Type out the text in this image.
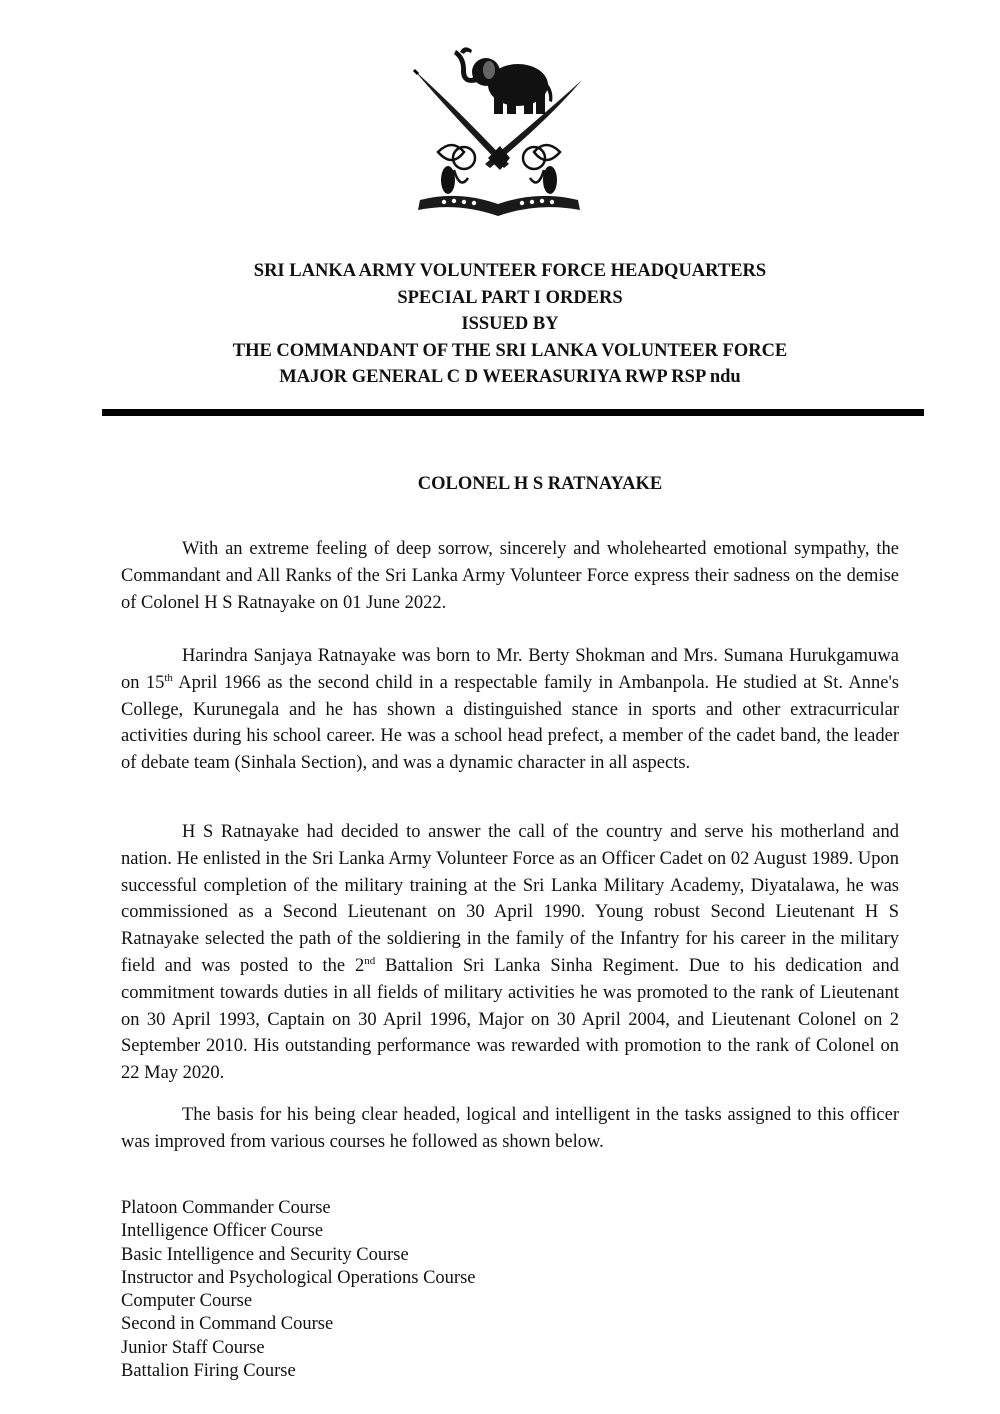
SRI LANKA ARMY VOLUNTEER FORCE HEADQUARTERS
SPECIAL PART I ORDERS
ISSUED BY
THE COMMANDANT OF THE SRI LANKA VOLUNTEER FORCE
MAJOR GENERAL C D WEERASURIYA RWP RSP ndu
COLONEL H S RATNAYAKE

With an extreme feeling of deep sorrow, sincerely and wholehearted emotional sympathy, the Commandant and All Ranks of the Sri Lanka Army Volunteer Force express their sadness on the demise of Colonel H S Ratnayake on 01 June 2022.

Harindra Sanjaya Ratnayake was born to Mr. Berty Shokman and Mrs. Sumana Hurukgamuwa on 15th April 1966 as the second child in a respectable family in Ambanpola. He studied at St. Anne's College, Kurunegala and he has shown a distinguished stance in sports and other extracurricular activities during his school career. He was a school head prefect, a member of the cadet band, the leader of debate team (Sinhala Section), and was a dynamic character in all aspects.

H S Ratnayake had decided to answer the call of the country and serve his motherland and nation. He enlisted in the Sri Lanka Army Volunteer Force as an Officer Cadet on 02 August 1989. Upon successful completion of the military training at the Sri Lanka Military Academy, Diyatalawa, he was commissioned as a Second Lieutenant on 30 April 1990. Young robust Second Lieutenant H S Ratnayake selected the path of the soldiering in the family of the Infantry for his career in the military field and was posted to the 2nd Battalion Sri Lanka Sinha Regiment. Due to his dedication and commitment towards duties in all fields of military activities he was promoted to the rank of Lieutenant on 30 April 1993, Captain on 30 April 1996, Major on 30 April 2004, and Lieutenant Colonel on 2 September 2010. His outstanding performance was rewarded with promotion to the rank of Colonel on 22 May 2020.

The basis for his being clear headed, logical and intelligent in the tasks assigned to this officer was improved from various courses he followed as shown below.

Platoon Commander Course
Intelligence Officer Course
Basic Intelligence and Security Course
Instructor and Psychological Operations Course
Computer Course
Second in Command Course
Junior Staff Course
Battalion Firing Course
